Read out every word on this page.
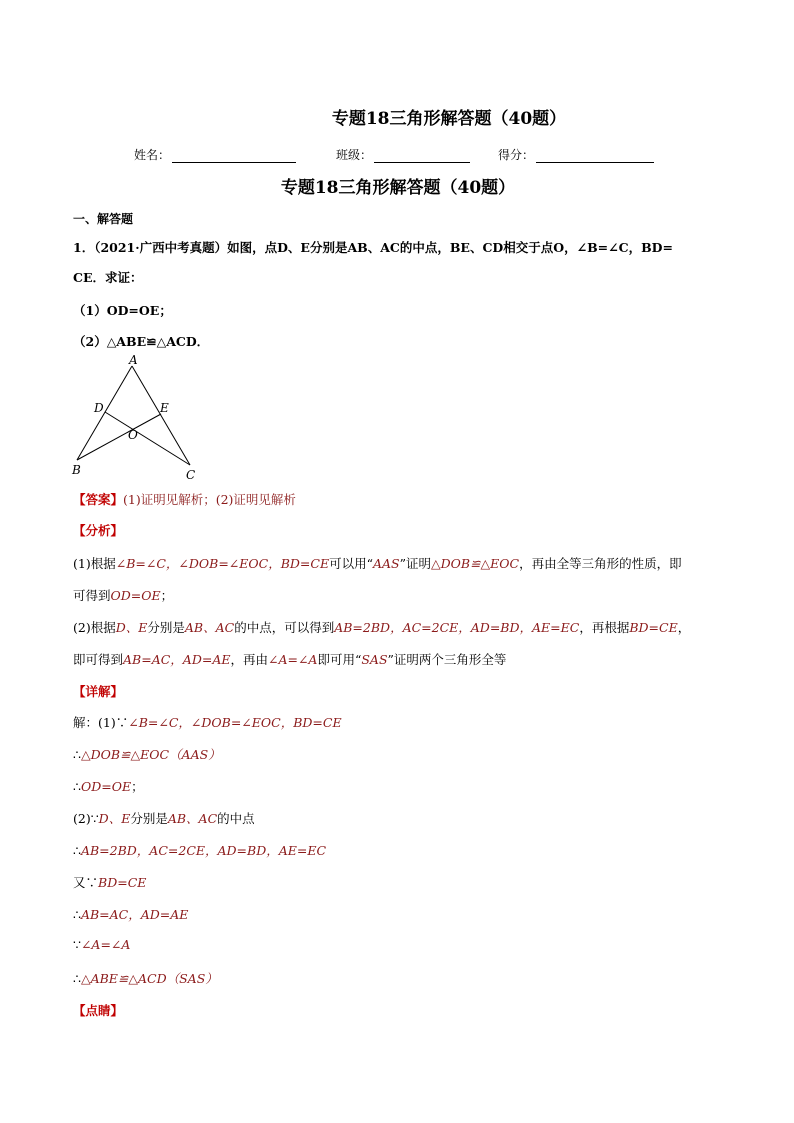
专题18三角形解答题（40题）
姓名：	班级：	得分：
专题18三角形解答题（40题）
一、解答题
1．（2021·广西中考真题）如图，点D、E分别是AB、AC的中点，BE、CD相交于点O，∠B=∠C，BD=
CE．求证：
（1）OD=OE；
（2）△ABE≌△ACD．
A
D	E
O
B	C
【答案】(1)证明见解析；(2)证明见解析
【分析】
(1)根据∠B=∠C，∠DOB=∠EOC，BD=CE可以用“AAS”证明△DOB≌△EOC，再由全等三角形的性质，即
可得到OD=OE；
(2)根据D、E分别是AB、AC的中点，可以得到AB=2BD，AC=2CE，AD=BD，AE=EC，再根据BD=CE，
即可得到AB=AC，AD=AE，再由∠A=∠A即可用“SAS”证明两个三角形全等
【详解】
解：(1)∵∠B=∠C，∠DOB=∠EOC，BD=CE
∴△DOB≌△EOC（AAS）
∴OD=OE；
(2)∵D、E分别是AB、AC的中点
∴AB=2BD，AC=2CE，AD=BD，AE=EC
又∵BD=CE
∴AB=AC，AD=AE
∵∠A=∠A
∴△ABE≌△ACD（SAS）
【点睛】
